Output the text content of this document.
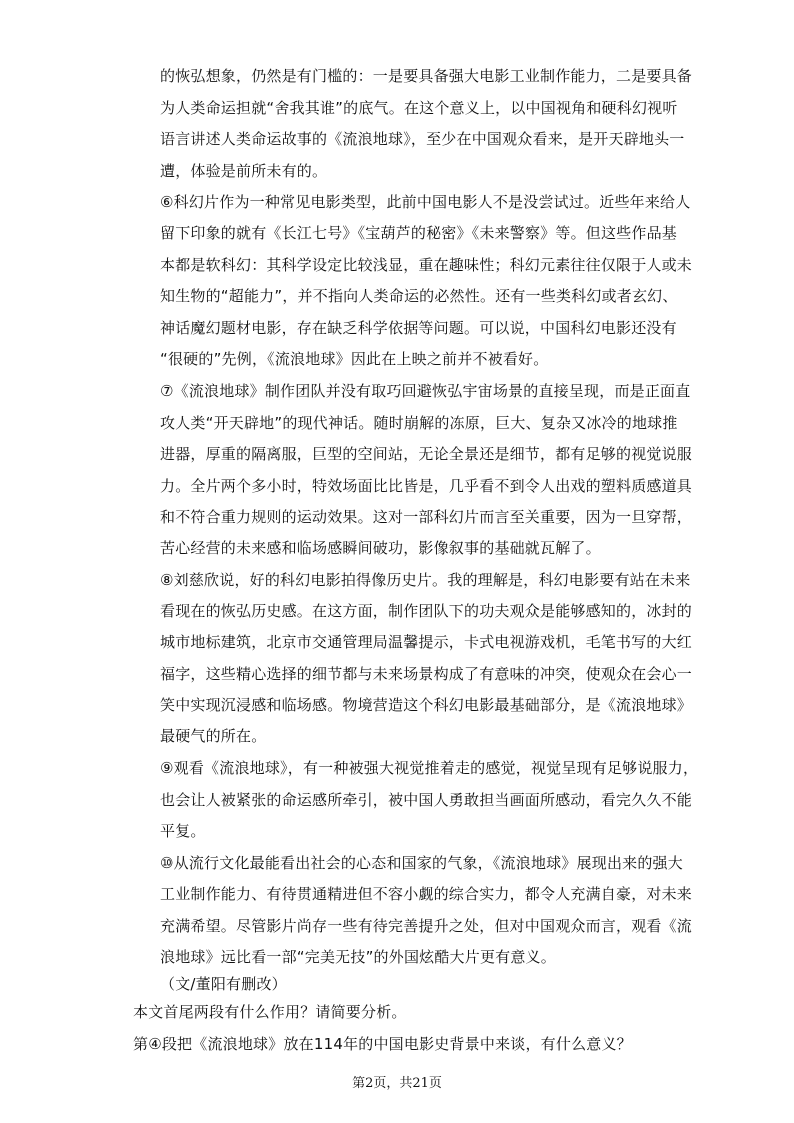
的恢弘想象，仍然是有门槛的：一是要具备强大电影工业制作能力，二是要具备
为人类命运担就“舍我其谁”的底气。在这个意义上，以中国视角和硬科幻视听
语言讲述人类命运故事的《流浪地球》，至少在中国观众看来，是开天辟地头一
遭，体验是前所未有的。
⑥科幻片作为一种常见电影类型，此前中国电影人不是没尝试过。近些年来给人
留下印象的就有《长江七号》《宝葫芦的秘密》《未来警察》等。但这些作品基
本都是软科幻：其科学设定比较浅显，重在趣味性；科幻元素往往仅限于人或未
知生物的“超能力”，并不指向人类命运的必然性。还有一些类科幻或者玄幻、
神话魔幻题材电影，存在缺乏科学依据等问题。可以说，中国科幻电影还没有
“很硬的”先例，《流浪地球》因此在上映之前并不被看好。
⑦《流浪地球》制作团队并没有取巧回避恢弘宇宙场景的直接呈现，而是正面直
攻人类“开天辟地”的现代神话。随时崩解的冻原，巨大、复杂又冰冷的地球推
进器，厚重的隔离服，巨型的空间站，无论全景还是细节，都有足够的视觉说服
力。全片两个多小时，特效场面比比皆是，几乎看不到令人出戏的塑料质感道具
和不符合重力规则的运动效果。这对一部科幻片而言至关重要，因为一旦穿帮，
苦心经营的未来感和临场感瞬间破功，影像叙事的基础就瓦解了。
⑧刘慈欣说，好的科幻电影拍得像历史片。我的理解是，科幻电影要有站在未来
看现在的恢弘历史感。在这方面，制作团队下的功夫观众是能够感知的，冰封的
城市地标建筑，北京市交通管理局温馨提示，卡式电视游戏机，毛笔书写的大红
福字，这些精心选择的细节都与未来场景构成了有意味的冲突，使观众在会心一
笑中实现沉浸感和临场感。物境营造这个科幻电影最基础部分，是《流浪地球》
最硬气的所在。
⑨观看《流浪地球》，有一种被强大视觉推着走的感觉，视觉呈现有足够说服力，
也会让人被紧张的命运感所牵引，被中国人勇敢担当画面所感动，看完久久不能
平复。
⑩从流行文化最能看出社会的心态和国家的气象，《流浪地球》展现出来的强大
工业制作能力、有待贯通精进但不容小觑的综合实力，都令人充满自豪，对未来
充满希望。尽管影片尚存一些有待完善提升之处，但对中国观众而言，观看《流
浪地球》远比看一部“完美无技”的外国炫酷大片更有意义。
（文/董阳有删改）
本文首尾两段有什么作用？请简要分析。
第④段把《流浪地球》放在114年的中国电影史背景中来谈，有什么意义？
第2页，共21页
